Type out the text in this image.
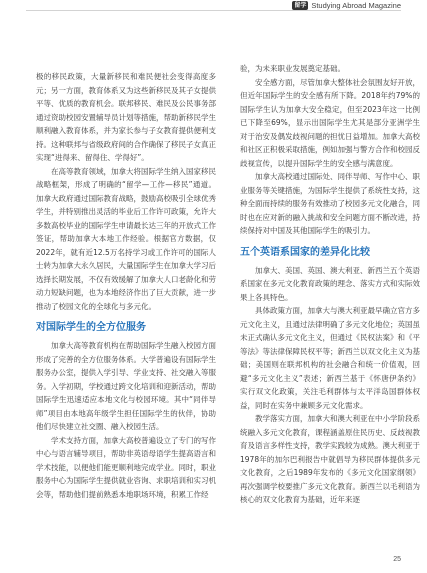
留学 Studying Abroad Magazine

极的移民政策，大量新移民和难民便社会变得高度多元；另一方面，教育体系又为这些新移民及其子女提供平等、优质的教育机会。联邦移民、难民及公民事务部通过资助校园安置辅导员计划等措施，帮助新移民学生顺利融入教育体系，并为家长参与子女教育提供便利支持。这种联邦与省级政府间的合作确保了移民子女真正实现“进得来、留得住、学得好”。

在高等教育领域，加拿大将国际学生纳入国家移民战略框架，形成了明确的“留学—工作—移民”通道。加拿大政府通过国际教育战略，鼓励高校吸引全球优秀学生，并特别推出灵活的毕业后工作许可政策，允许大多数高校毕业的国际学生申请最长达三年的开放式工作签证，帮助加拿大本地工作经验。根据官方数据，仅2022年，就有近12.5万名持学习或工作许可的国际人士转为加拿大永久居民，大量国际学生在加拿大学习后选择长期发展，不仅有效缓解了加拿大人口老龄化和劳动力短缺问题，也为本地经济作出了巨大贡献，进一步推动了校园文化的全球化与多元化。

对国际学生的全方位服务

加拿大高等教育机构在帮助国际学生融入校园方面形成了完善的全方位服务体系。大学普遍设有国际学生服务办公室，提供入学引导、学业支持、社交融入等服务。入学初期，学校通过跨文化培训和迎新活动，帮助国际学生迅速适应本地文化与校园环境。其中“同伴导师”项目由本地高年级学生担任国际学生的伙伴，协助他们尽快建立社交圈、融入校园生活。

学术支持方面，加拿大高校普遍设立了专门的写作中心与语言辅导项目，帮助非英语母语学生提高语言和学术技能，以便他们能更顺利地完成学业。同时，职业服务中心为国际学生提供就业咨询、求职培训和实习机会等，帮助他们提前熟悉本地职场环境，积累工作经

验，为未来职业发展奠定基础。

安全感方面，尽管加拿大整体社会氛围友好开放，但近年国际学生的安全感有所下降。2018年约79%的国际学生认为加拿大安全稳定，但至2023年这一比例已下降至69%，显示出国际学生尤其是部分亚洲学生对于治安及偶发歧视问题的担忧日益增加。加拿大高校和社区正积极采取措施，例如加强与警方合作和校园反歧视宣传，以提升国际学生的安全感与满意度。

加拿大高校通过国际处、同伴导师、写作中心、职业服务等关键措施，为国际学生提供了系统性支持，这种全面而持续的服务有效推动了校园多元文化融合，同时也在应对新的融入挑战和安全问题方面不断改进，持续保持对中国及其他国际学生的吸引力。

五个英语系国家的差异化比较

加拿大、美国、英国、澳大利亚、新西兰五个英语系国家在多元文化教育政策的理念、落实方式和实际效果上各具特色。

具体政策方面，加拿大与澳大利亚最早确立官方多元文化主义，且通过法律明确了多元文化地位；英国虽未正式确认多元文化主义，但通过《民权法案》和《平等法》等法律保障民权平等；新西兰以双文化主义为基础；美国则在联邦机构的社会融合和统一价值观，回避“多元文化主义”表述；新西兰基于《怀唐伊条约》实行双文化政策，关注毛利群体与太平洋岛国群体权益，同时在实务中兼顾多元文化需求。

教学落实方面，加拿大和澳大利亚在中小学阶段系统融入多元文化教育，课程涵盖原住民历史、反歧视教育及语言多样性支持，教学实践较为成熟。澳大利亚于1978年的加尔巴利报告中就倡导为移民群体提供多元文化教育，之后1989年发布的《多元文化国家纲领》再次强调学校要推广多元文化教育。新西兰以毛利语为核心的双文化教育为基础，近年来逐

25
